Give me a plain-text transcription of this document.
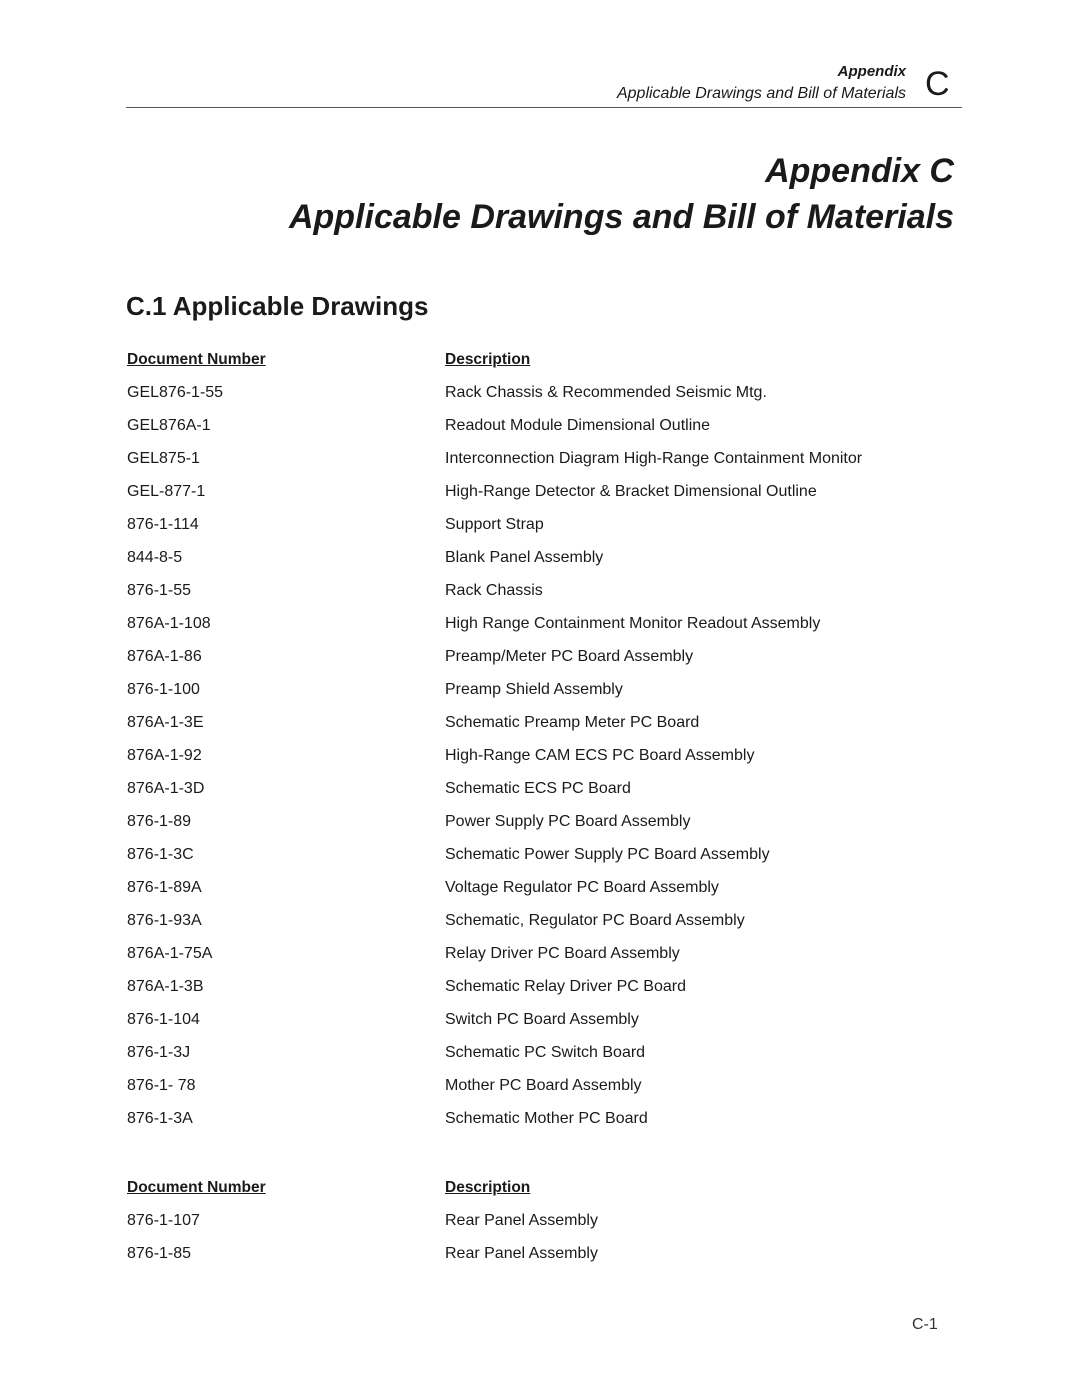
Appendix
Applicable Drawings and Bill of Materials C
Appendix C
Applicable Drawings and Bill of Materials
C.1 Applicable Drawings
Document Number	Description
GEL876-1-55	Rack Chassis & Recommended Seismic Mtg.
GEL876A-1	Readout Module Dimensional Outline
GEL875-1	Interconnection Diagram High-Range Containment Monitor
GEL-877-1	High-Range Detector & Bracket Dimensional Outline
876-1-114	Support Strap
844-8-5	Blank Panel Assembly
876-1-55	Rack Chassis
876A-1-108	High Range Containment Monitor Readout Assembly
876A-1-86	Preamp/Meter PC Board Assembly
876-1-100	Preamp Shield Assembly
876A-1-3E	Schematic Preamp Meter PC Board
876A-1-92	High-Range CAM ECS PC Board Assembly
876A-1-3D	Schematic ECS PC Board
876-1-89	Power Supply PC Board Assembly
876-1-3C	Schematic Power Supply PC Board Assembly
876-1-89A	Voltage Regulator PC Board Assembly
876-1-93A	Schematic, Regulator PC Board Assembly
876A-1-75A	Relay Driver PC Board Assembly
876A-1-3B	Schematic Relay Driver PC Board
876-1-104	Switch PC Board Assembly
876-1-3J	Schematic PC Switch Board
876-1- 78	Mother PC Board Assembly
876-1-3A	Schematic Mother PC Board
Document Number	Description
876-1-107	Rear Panel Assembly
876-1-85	Rear Panel Assembly
C-1
